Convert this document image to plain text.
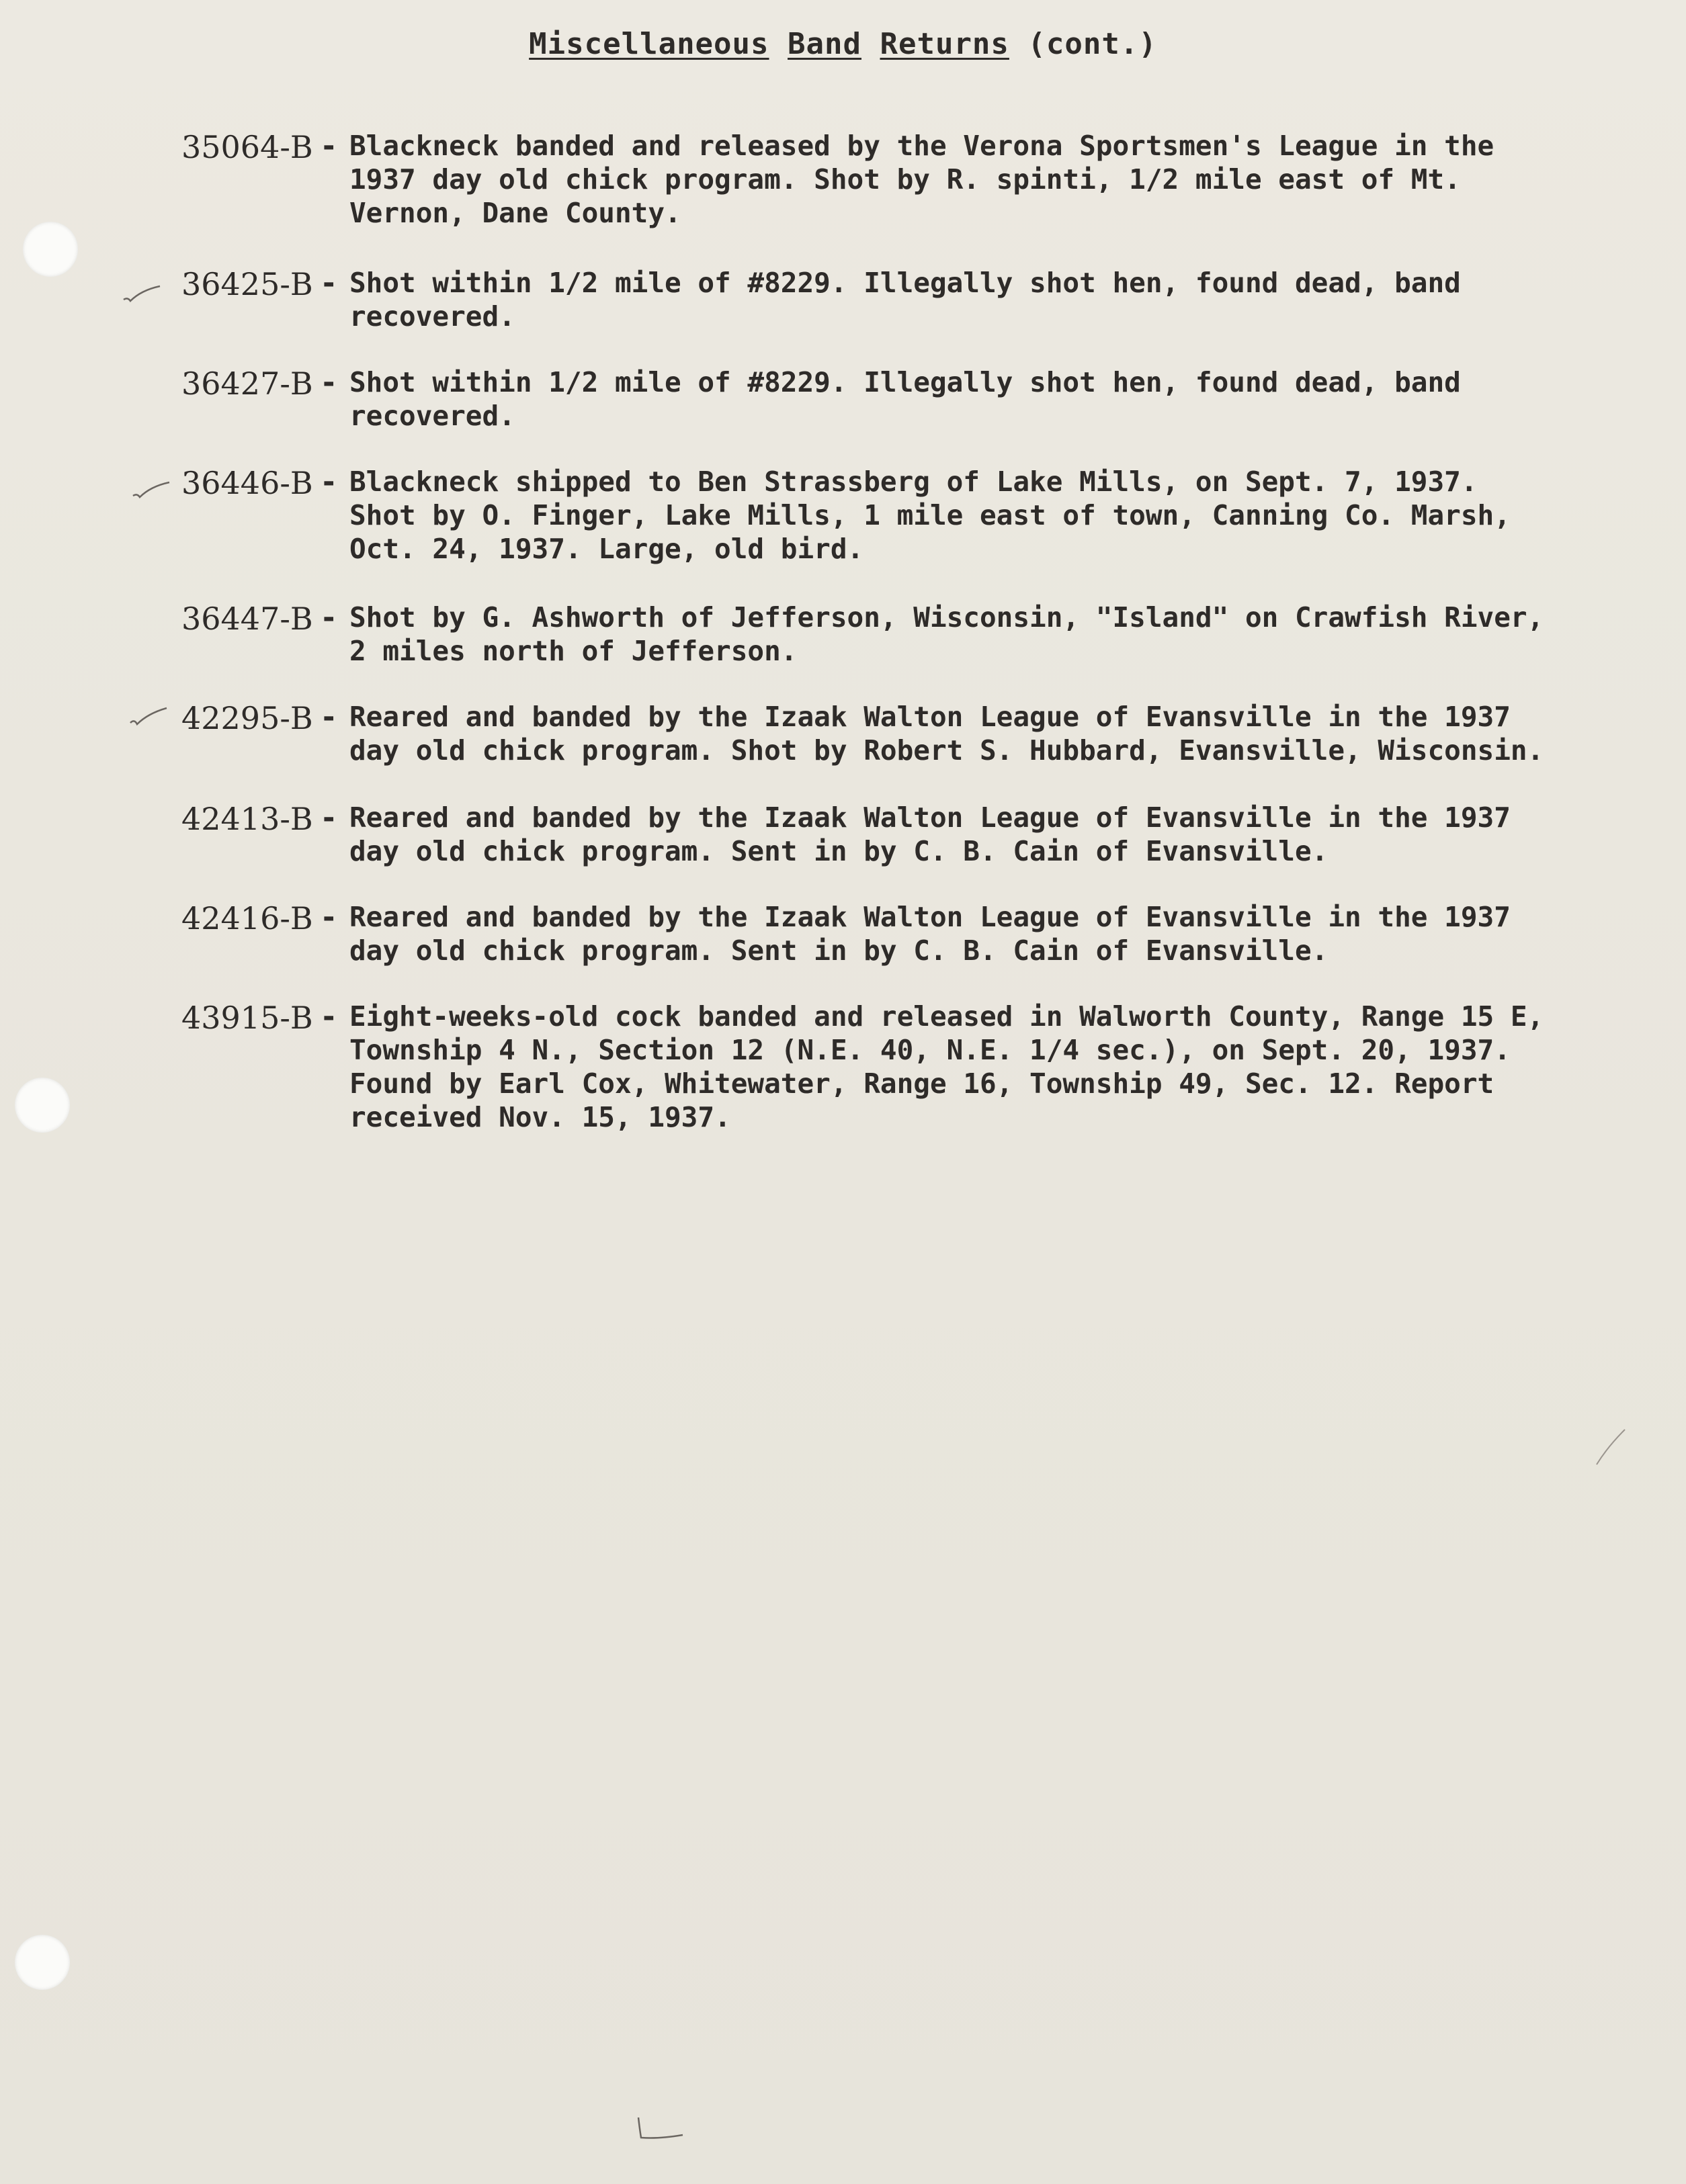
Miscellaneous Band Returns (cont.)
35064-B - Blackneck banded and released by the Verona Sportsmen's League in the
1937 day old chick program. Shot by R. spinti, 1/2 mile east of Mt.
Vernon, Dane County.
36425-B - Shot within 1/2 mile of #8229. Illegally shot hen, found dead, band
recovered.
36427-B - Shot within 1/2 mile of #8229. Illegally shot hen, found dead, band
recovered.
36446-B - Blackneck shipped to Ben Strassberg of Lake Mills, on Sept. 7, 1937.
Shot by O. Finger, Lake Mills, 1 mile east of town, Canning Co. Marsh,
Oct. 24, 1937. Large, old bird.
36447-B - Shot by G. Ashworth of Jefferson, Wisconsin, "Island" on Crawfish River,
2 miles north of Jefferson.
42295-B - Reared and banded by the Izaak Walton League of Evansville in the 1937
day old chick program. Shot by Robert S. Hubbard, Evansville, Wisconsin.
42413-B - Reared and banded by the Izaak Walton League of Evansville in the 1937
day old chick program. Sent in by C. B. Cain of Evansville.
42416-B - Reared and banded by the Izaak Walton League of Evansville in the 1937
day old chick program. Sent in by C. B. Cain of Evansville.
43915-B - Eight-weeks-old cock banded and released in Walworth County, Range 15 E,
Township 4 N., Section 12 (N.E. 40, N.E. 1/4 sec.), on Sept. 20, 1937.
Found by Earl Cox, Whitewater, Range 16, Township 49, Sec. 12. Report
received Nov. 15, 1937.
